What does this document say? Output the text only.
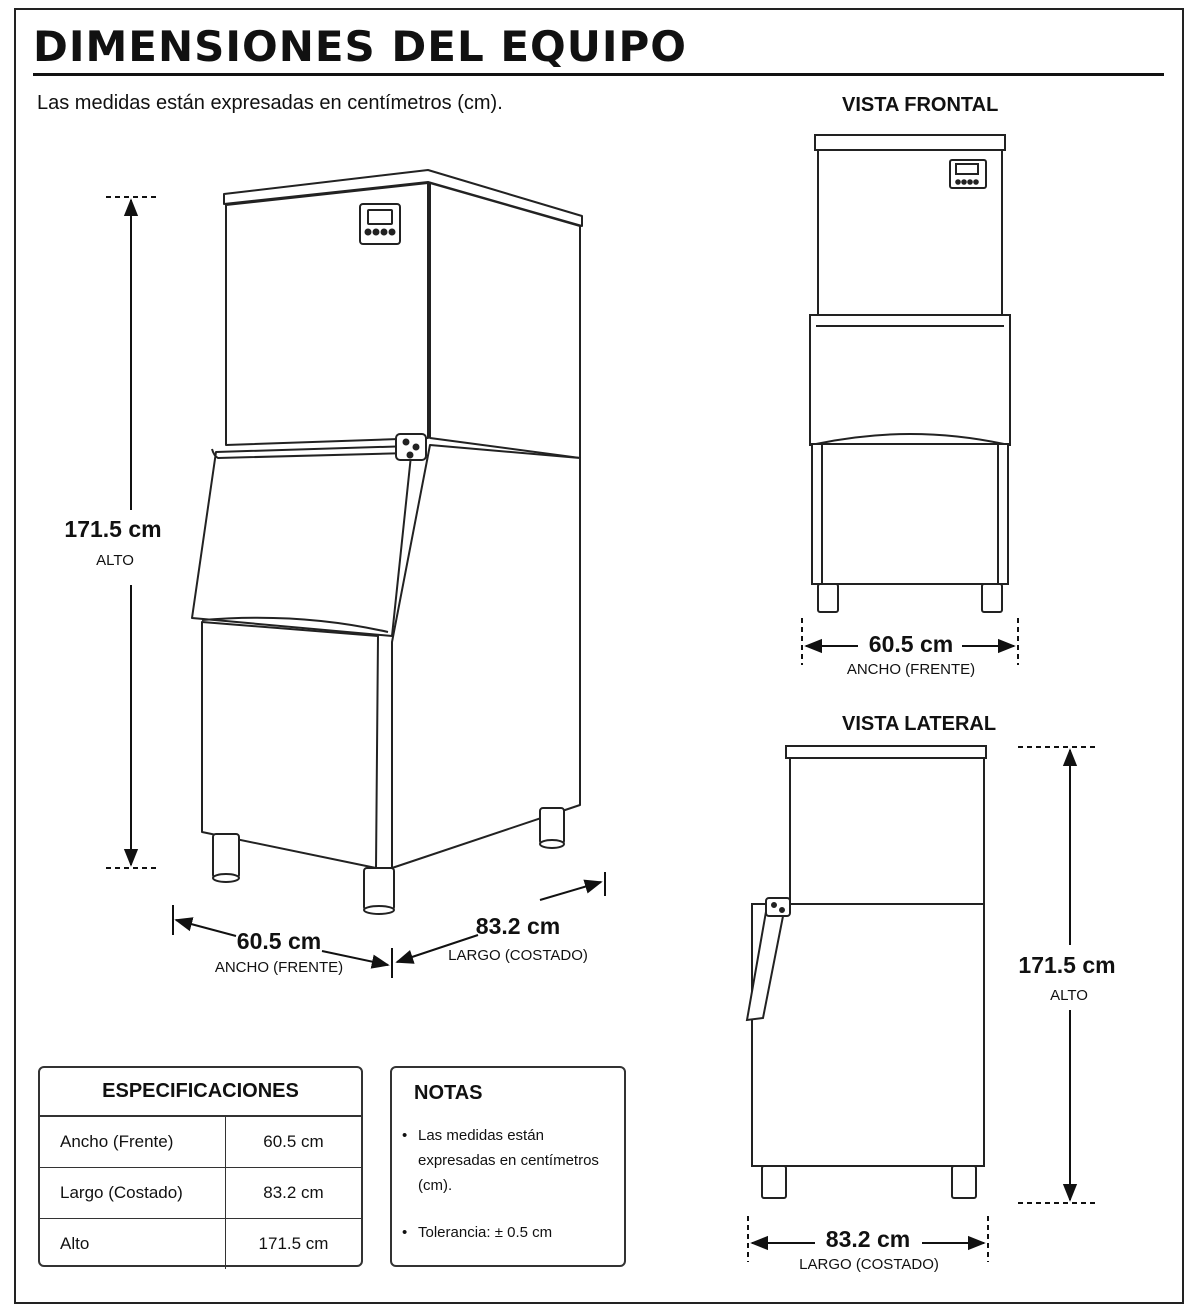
DIMENSIONES DEL EQUIPO
Las medidas están expresadas en centímetros (cm).
171.5 cm
ALTO
60.5 cm
ANCHO (FRENTE)
83.2 cm
LARGO (COSTADO)
VISTA FRONTAL
60.5 cm
ANCHO (FRENTE)
VISTA LATERAL
171.5 cm
ALTO
83.2 cm
LARGO (COSTADO)
ESPECIFICACIONES
Ancho (Frente)	60.5 cm
Largo (Costado)	83.2 cm
Alto	171.5 cm
NOTAS
• Las medidas están expresadas en centímetros (cm).
• Tolerancia: ± 0.5 cm
